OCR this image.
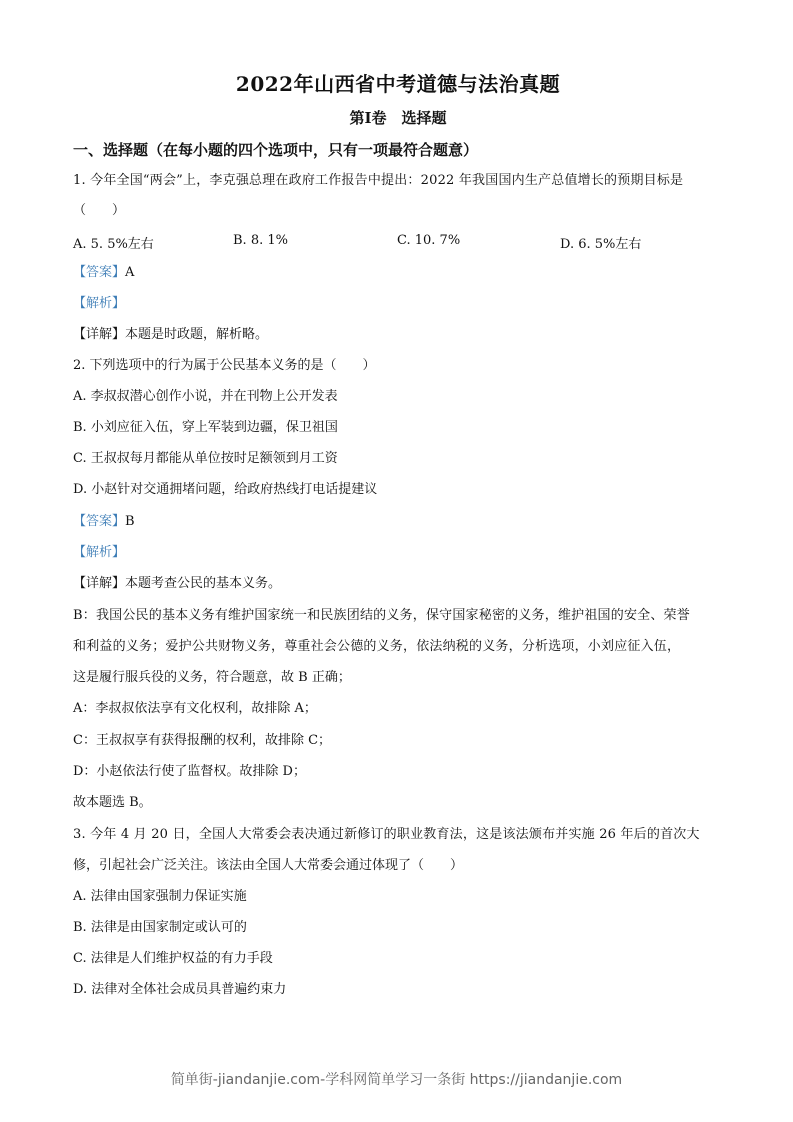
2022年山西省中考道德与法治真题
第Ⅰ卷　选择题
一、选择题（在每小题的四个选项中，只有一项最符合题意）
1. 今年全国“两会”上，李克强总理在政府工作报告中提出：2022 年我国国内生产总值增长的预期目标是
（　　）
A. 5. 5%左右	B. 8. 1%	C. 10. 7%	D. 6. 5%左右
【答案】A
【解析】
【详解】本题是时政题，解析略。
2. 下列选项中的行为属于公民基本义务的是（　　）
A. 李叔叔潜心创作小说，并在刊物上公开发表
B. 小刘应征入伍，穿上军装到边疆，保卫祖国
C. 王叔叔每月都能从单位按时足额领到月工资
D. 小赵针对交通拥堵问题，给政府热线打电话提建议
【答案】B
【解析】
【详解】本题考查公民的基本义务。
B：我国公民的基本义务有维护国家统一和民族团结的义务，保守国家秘密的义务，维护祖国的安全、荣誉
和利益的义务；爱护公共财物义务，尊重社会公德的义务，依法纳税的义务，分析选项，小刘应征入伍，
这是履行服兵役的义务，符合题意，故 B 正确；
A：李叔叔依法享有文化权利，故排除 A；
C：王叔叔享有获得报酬的权利，故排除 C；
D：小赵依法行使了监督权。故排除 D；
故本题选 B。
3. 今年 4 月 20 日，全国人大常委会表决通过新修订的职业教育法，这是该法颁布并实施 26 年后的首次大
修，引起社会广泛关注。该法由全国人大常委会通过体现了（　　）
A. 法律由国家强制力保证实施
B. 法律是由国家制定或认可的
C. 法律是人们维护权益的有力手段
D. 法律对全体社会成员具普遍约束力
简单街-jiandanjie.com-学科网简单学习一条街 https://jiandanjie.com
